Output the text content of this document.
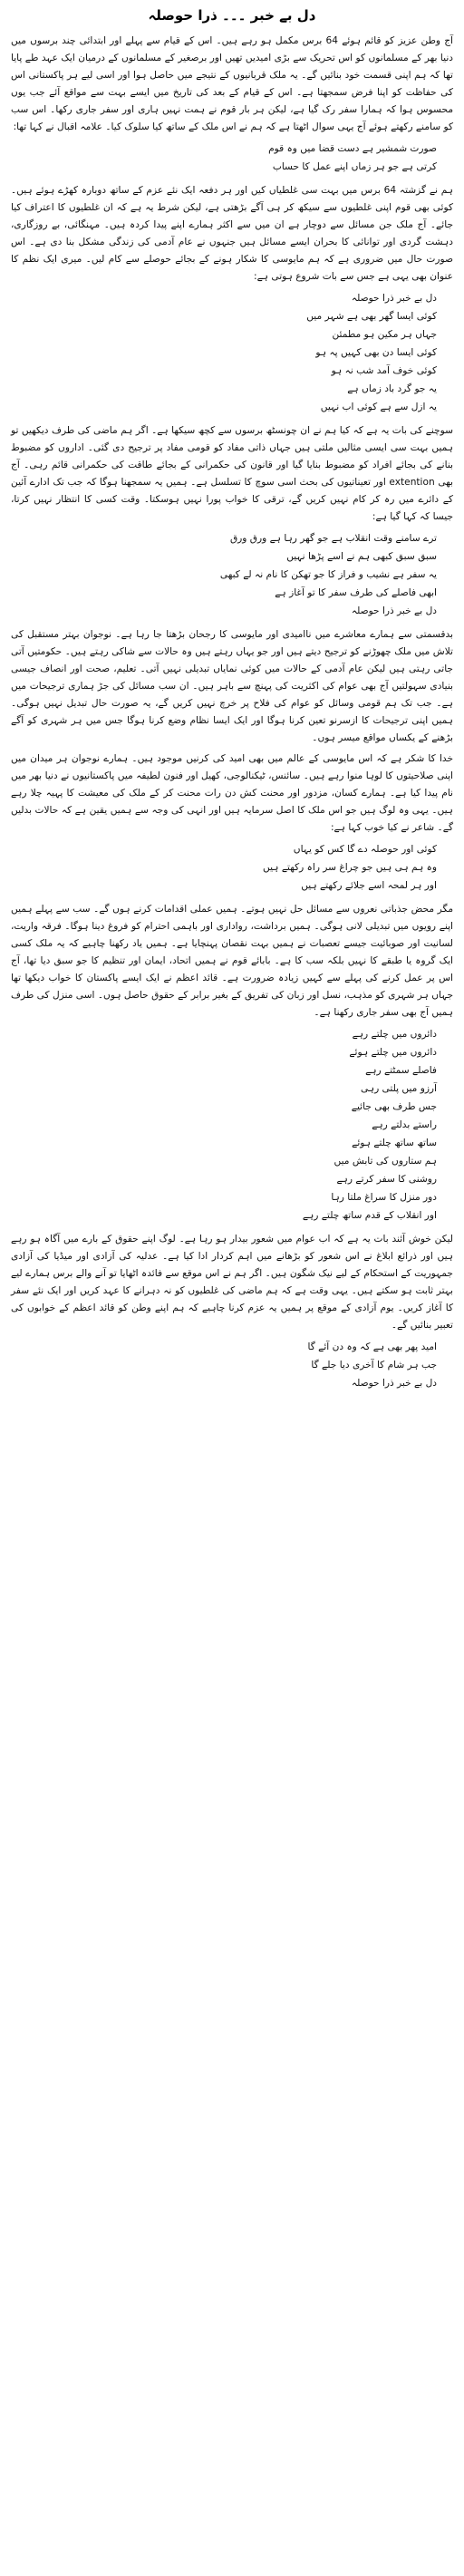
دل بے خبر ۔۔۔ ذرا حوصلہ

آج وطن عزیز کو قائم ہوئے 64 برس مکمل ہو رہے ہیں۔ اس کے قیام سے پہلے اور ابتدائی چند برسوں میں دنیا بھر کے مسلمانوں کو اس تحریک سے بڑی امیدیں تھیں اور برصغیر کے مسلمانوں کے درمیان ایک عہد طے پایا تھا کہ ہم اپنی قسمت خود بنائیں گے۔ یہ ملک قربانیوں کے نتیجے میں حاصل ہوا اور اسی لیے ہر پاکستانی اس کی حفاظت کو اپنا فرض سمجھتا ہے۔ اس کے قیام کے بعد کی تاریخ میں ایسے بہت سے مواقع آئے جب یوں محسوس ہوا کہ ہمارا سفر رک گیا ہے، لیکن ہر بار قوم نے ہمت نہیں ہاری اور سفر جاری رکھا۔ اس سب کو سامنے رکھتے ہوئے آج یہی سوال اٹھتا ہے کہ ہم نے اس ملک کے ساتھ کیا سلوک کیا۔ علامہ اقبال نے کہا تھا:

صورت شمشیر ہے دست قضا میں وہ قوم

کرتی ہے جو ہر زماں اپنے عمل کا حساب

ہم نے گزشتہ 64 برس میں بہت سی غلطیاں کیں اور ہر دفعہ ایک نئے عزم کے ساتھ دوبارہ کھڑے ہوئے ہیں۔ کوئی بھی قوم اپنی غلطیوں سے سیکھ کر ہی آگے بڑھتی ہے، لیکن شرط یہ ہے کہ ان غلطیوں کا اعتراف کیا جائے۔ آج ملک جن مسائل سے دوچار ہے ان میں سے اکثر ہمارے اپنے پیدا کردہ ہیں۔ مہنگائی، بے روزگاری، دہشت گردی اور توانائی کا بحران ایسے مسائل ہیں جنہوں نے عام آدمی کی زندگی مشکل بنا دی ہے۔ اس صورت حال میں ضروری ہے کہ ہم مایوسی کا شکار ہونے کے بجائے حوصلے سے کام لیں۔ میری ایک نظم کا عنوان بھی یہی ہے جس سے بات شروع ہوتی ہے:

دل بے خبر ذرا حوصلہ

کوئی ایسا گھر بھی ہے شہر میں

جہاں ہر مکین ہو مطمئن

کوئی ایسا دن بھی کہیں پہ ہو

کوئی خوف آمد شب نہ ہو

یہ جو گرد باد زماں ہے

یہ ازل سے ہے کوئی اب نہیں

سوچنے کی بات یہ ہے کہ کیا ہم نے ان چونسٹھ برسوں سے کچھ سیکھا ہے۔ اگر ہم ماضی کی طرف دیکھیں تو ہمیں بہت سی ایسی مثالیں ملتی ہیں جہاں ذاتی مفاد کو قومی مفاد پر ترجیح دی گئی۔ اداروں کو مضبوط بنانے کی بجائے افراد کو مضبوط بنایا گیا اور قانون کی حکمرانی کے بجائے طاقت کی حکمرانی قائم رہی۔ آج بھی extention اور تعیناتیوں کی بحث اسی سوچ کا تسلسل ہے۔ ہمیں یہ سمجھنا ہوگا کہ جب تک ادارے آئین کے دائرے میں رہ کر کام نہیں کریں گے، ترقی کا خواب پورا نہیں ہوسکتا۔ وقت کسی کا انتظار نہیں کرتا، جیسا کہ کہا گیا ہے:

ترے سامنے وقت انقلاب ہے جو گھر رہا ہے ورق ورق

سبق سبق کبھی ہم نے اسے پڑھا نہیں

یہ سفر ہے نشیب و فراز کا جو تھکن کا نام نہ لے کبھی

ابھی فاصلے کی طرف سفر کا تو آغاز ہے

دل بے خبر ذرا حوصلہ

بدقسمتی سے ہمارے معاشرے میں ناامیدی اور مایوسی کا رجحان بڑھتا جا رہا ہے۔ نوجوان بہتر مستقبل کی تلاش میں ملک چھوڑنے کو ترجیح دیتے ہیں اور جو یہاں رہتے ہیں وہ حالات سے شاکی رہتے ہیں۔ حکومتیں آتی جاتی رہتی ہیں لیکن عام آدمی کے حالات میں کوئی نمایاں تبدیلی نہیں آتی۔ تعلیم، صحت اور انصاف جیسی بنیادی سہولتیں آج بھی عوام کی اکثریت کی پہنچ سے باہر ہیں۔ ان سب مسائل کی جڑ ہماری ترجیحات میں ہے۔ جب تک ہم قومی وسائل کو عوام کی فلاح پر خرچ نہیں کریں گے، یہ صورت حال تبدیل نہیں ہوگی۔ ہمیں اپنی ترجیحات کا ازسرنو تعین کرنا ہوگا اور ایک ایسا نظام وضع کرنا ہوگا جس میں ہر شہری کو آگے بڑھنے کے یکساں مواقع میسر ہوں۔

خدا کا شکر ہے کہ اس مایوسی کے عالم میں بھی امید کی کرنیں موجود ہیں۔ ہمارے نوجوان ہر میدان میں اپنی صلاحیتوں کا لوہا منوا رہے ہیں۔ سائنس، ٹیکنالوجی، کھیل اور فنون لطیفہ میں پاکستانیوں نے دنیا بھر میں نام پیدا کیا ہے۔ ہمارے کسان، مزدور اور محنت کش دن رات محنت کر کے ملک کی معیشت کا پہیہ چلا رہے ہیں۔ یہی وہ لوگ ہیں جو اس ملک کا اصل سرمایہ ہیں اور انہی کی وجہ سے ہمیں یقین ہے کہ حالات بدلیں گے۔ شاعر نے کیا خوب کہا ہے:

کوئی اور حوصلہ دے گا کس کو یہاں

وہ ہم ہی ہیں جو چراغ سر راہ رکھتے ہیں

اور ہر لمحہ اسے جلائے رکھتے ہیں

مگر محض جذباتی نعروں سے مسائل حل نہیں ہوتے۔ ہمیں عملی اقدامات کرنے ہوں گے۔ سب سے پہلے ہمیں اپنے رویوں میں تبدیلی لانی ہوگی۔ ہمیں برداشت، رواداری اور باہمی احترام کو فروغ دینا ہوگا۔ فرقہ واریت، لسانیت اور صوبائیت جیسے تعصبات نے ہمیں بہت نقصان پہنچایا ہے۔ ہمیں یاد رکھنا چاہیے کہ یہ ملک کسی ایک گروہ یا طبقے کا نہیں بلکہ سب کا ہے۔ بابائے قوم نے ہمیں اتحاد، ایمان اور تنظیم کا جو سبق دیا تھا، آج اس پر عمل کرنے کی پہلے سے کہیں زیادہ ضرورت ہے۔ قائد اعظم نے ایک ایسے پاکستان کا خواب دیکھا تھا جہاں ہر شہری کو مذہب، نسل اور زبان کی تفریق کے بغیر برابر کے حقوق حاصل ہوں۔ اسی منزل کی طرف ہمیں آج بھی سفر جاری رکھنا ہے۔

دائروں میں چلتے رہے

دائروں میں چلتے ہوئے

فاصلے سمٹتے رہے

آرزو میں پلتی رہی

جس طرف بھی جائیے

راستے بدلتے رہے

ساتھ ساتھ چلتے ہوئے

ہم ستاروں کی تابش میں

روشنی کا سفر کرتے رہے

دور منزل کا سراغ ملتا رہا

اور انقلاب کے قدم ساتھ چلتے رہے

لیکن خوش آئند بات یہ ہے کہ اب عوام میں شعور بیدار ہو رہا ہے۔ لوگ اپنے حقوق کے بارے میں آگاہ ہو رہے ہیں اور ذرائع ابلاغ نے اس شعور کو بڑھانے میں اہم کردار ادا کیا ہے۔ عدلیہ کی آزادی اور میڈیا کی آزادی جمہوریت کے استحکام کے لیے نیک شگون ہیں۔ اگر ہم نے اس موقع سے فائدہ اٹھایا تو آنے والے برس ہمارے لیے بہتر ثابت ہو سکتے ہیں۔ یہی وقت ہے کہ ہم ماضی کی غلطیوں کو نہ دہرانے کا عہد کریں اور ایک نئے سفر کا آغاز کریں۔ یوم آزادی کے موقع پر ہمیں یہ عزم کرنا چاہیے کہ ہم اپنے وطن کو قائد اعظم کے خوابوں کی تعبیر بنائیں گے۔

امید پھر بھی ہے کہ وہ دن آئے گا

جب ہر شام کا آخری دیا جلے گا

دل بے خبر ذرا حوصلہ
